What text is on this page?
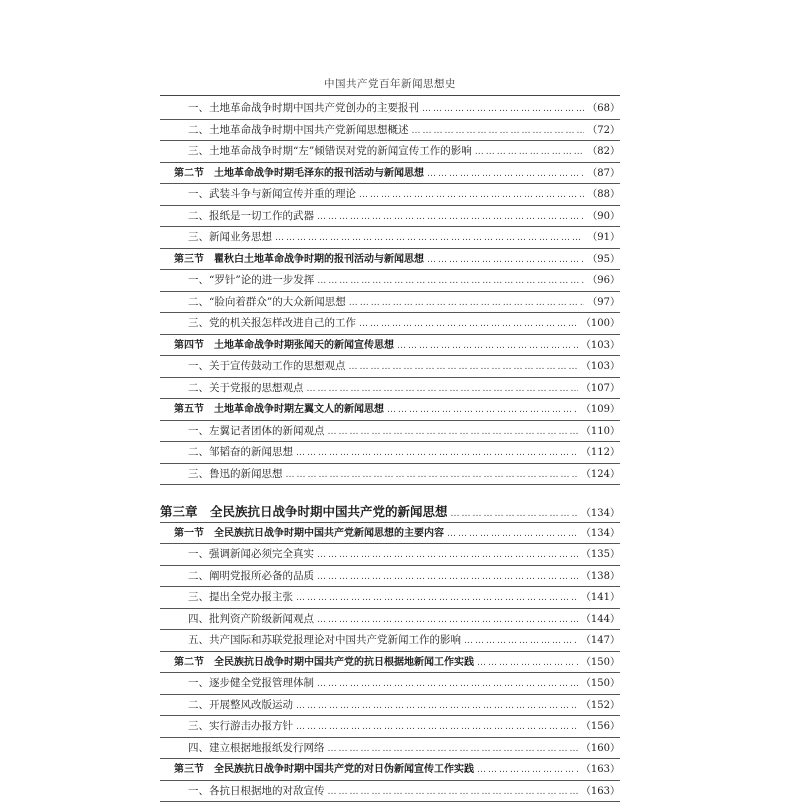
中国共产党百年新闻思想史
一、土地革命战争时期中国共产党创办的主要报刊 …………………………………………………………………………………………………………………………………………………………………………	（68）
二、土地革命战争时期中国共产党新闻思想概述 …………………………………………………………………………………………………………………………………………………………………………	（72）
三、土地革命战争时期“左”倾错误对党的新闻宣传工作的影响 …………………………………………………………………………………………………………………………………………………………………………	（82）
第二节　土地革命战争时期毛泽东的报刊活动与新闻思想 …………………………………………………………………………………………………………………………………………………………………………	（87）
一、武装斗争与新闻宣传并重的理论 …………………………………………………………………………………………………………………………………………………………………………	（88）
二、报纸是一切工作的武器 …………………………………………………………………………………………………………………………………………………………………………	（90）
三、新闻业务思想 …………………………………………………………………………………………………………………………………………………………………………	（91）
第三节　瞿秋白土地革命战争时期的报刊活动与新闻思想 …………………………………………………………………………………………………………………………………………………………………………	（95）
一、“罗针”论的进一步发挥 …………………………………………………………………………………………………………………………………………………………………………	（96）
二、“脸向着群众”的大众新闻思想 …………………………………………………………………………………………………………………………………………………………………………	（97）
三、党的机关报怎样改进自己的工作 …………………………………………………………………………………………………………………………………………………………………………	（100）
第四节　土地革命战争时期张闻天的新闻宣传思想 …………………………………………………………………………………………………………………………………………………………………………	（103）
一、关于宣传鼓动工作的思想观点 …………………………………………………………………………………………………………………………………………………………………………	（103）
二、关于党报的思想观点 …………………………………………………………………………………………………………………………………………………………………………	（107）
第五节　土地革命战争时期左翼文人的新闻思想 …………………………………………………………………………………………………………………………………………………………………………	（109）
一、左翼记者团体的新闻观点 …………………………………………………………………………………………………………………………………………………………………………	（110）
二、邹韬奋的新闻思想 …………………………………………………………………………………………………………………………………………………………………………	（112）
三、鲁迅的新闻思想 …………………………………………………………………………………………………………………………………………………………………………	（124）
第三章　全民族抗日战争时期中国共产党的新闻思想 …………………………………………………………………………………………………………………………………………………………………………	（134）
第一节　全民族抗日战争时期中国共产党新闻思想的主要内容 …………………………………………………………………………………………………………………………………………………………………………	（134）
一、强调新闻必须完全真实 …………………………………………………………………………………………………………………………………………………………………………	（135）
二、阐明党报所必备的品质 …………………………………………………………………………………………………………………………………………………………………………	（138）
三、提出全党办报主张 …………………………………………………………………………………………………………………………………………………………………………	（141）
四、批判资产阶级新闻观点 …………………………………………………………………………………………………………………………………………………………………………	（144）
五、共产国际和苏联党报理论对中国共产党新闻工作的影响 …………………………………………………………………………………………………………………………………………………………………………	（147）
第二节　全民族抗日战争时期中国共产党的抗日根据地新闻工作实践 …………………………………………………………………………………………………………………………………………………………………………	（150）
一、逐步健全党报管理体制 …………………………………………………………………………………………………………………………………………………………………………	（150）
二、开展整风改版运动 …………………………………………………………………………………………………………………………………………………………………………	（152）
三、实行游击办报方针 …………………………………………………………………………………………………………………………………………………………………………	（156）
四、建立根据地报纸发行网络 …………………………………………………………………………………………………………………………………………………………………………	（160）
第三节　全民族抗日战争时期中国共产党的对日伪新闻宣传工作实践 …………………………………………………………………………………………………………………………………………………………………………	（163）
一、各抗日根据地的对敌宣传 …………………………………………………………………………………………………………………………………………………………………………	（163）
